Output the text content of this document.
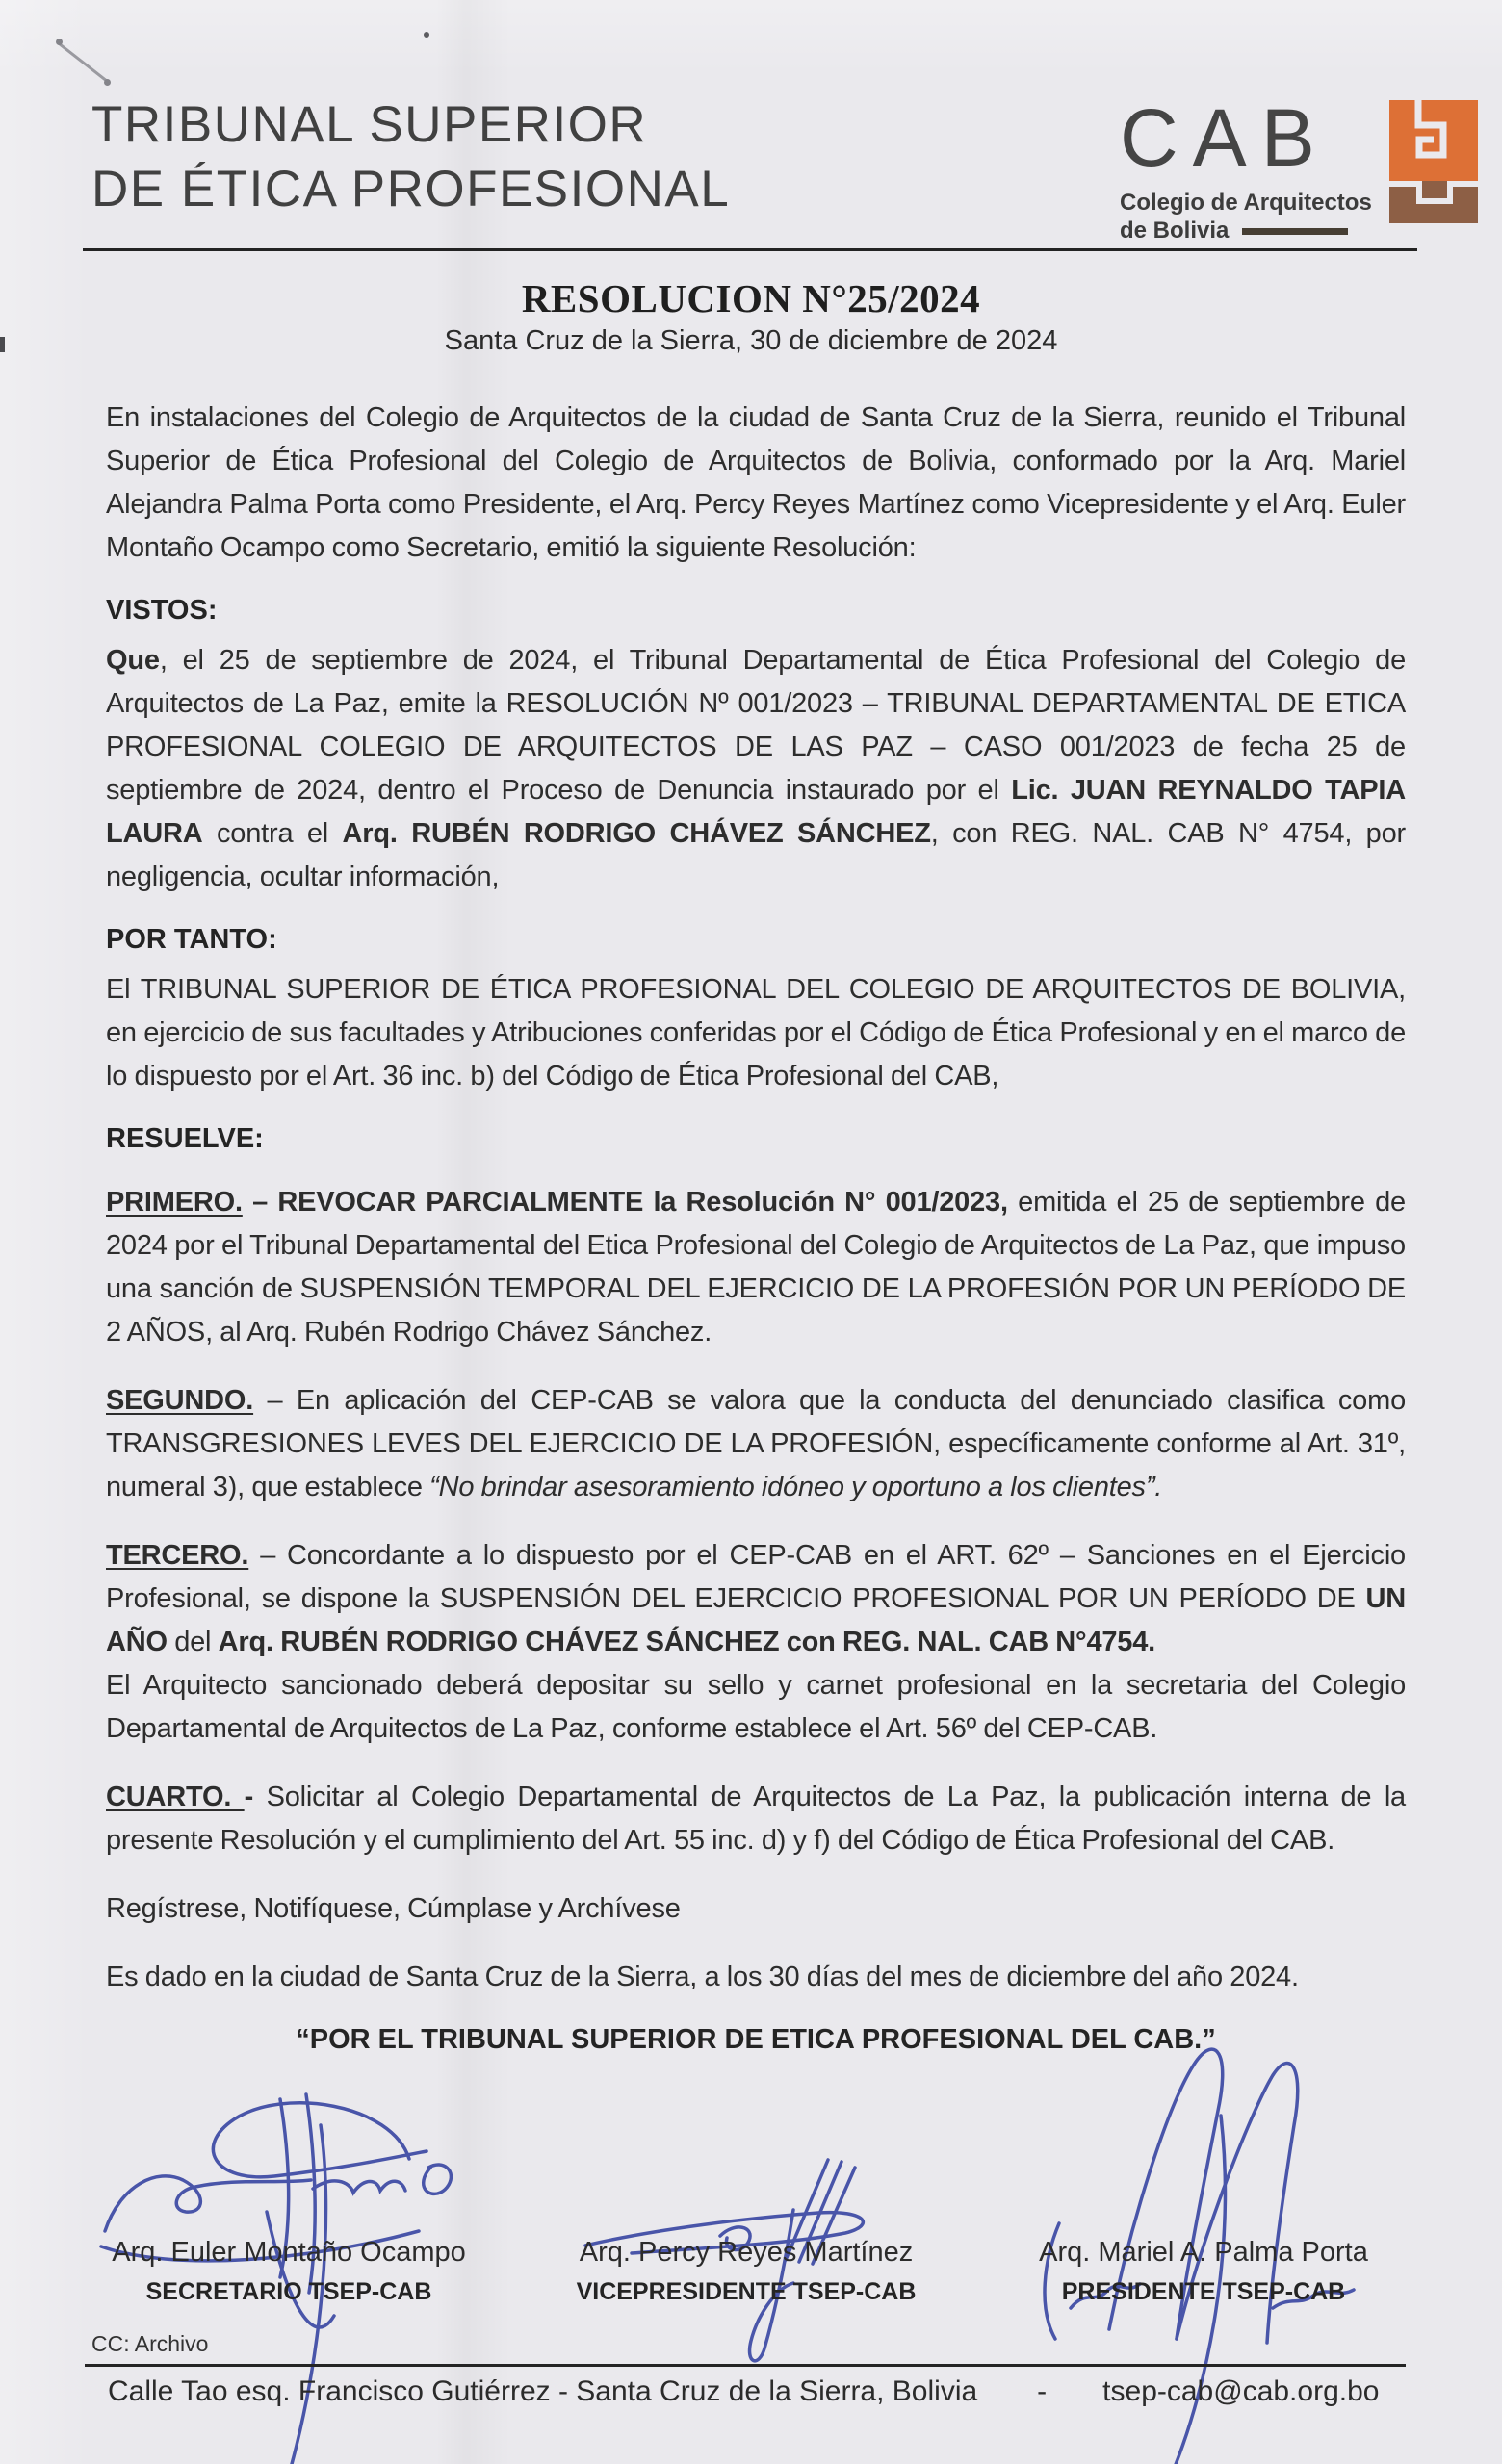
TRIBUNAL SUPERIOR
DE ÉTICA PROFESIONAL
CAB
Colegio de Arquitectos
de Bolivia
RESOLUCION N°25/2024
Santa Cruz de la Sierra, 30 de diciembre de 2024

En instalaciones del Colegio de Arquitectos de la ciudad de Santa Cruz de la Sierra, reunido el Tribunal Superior de Ética Profesional del Colegio de Arquitectos de Bolivia, conformado por la Arq. Mariel Alejandra Palma Porta como Presidente, el Arq. Percy Reyes Martínez como Vicepresidente y el Arq. Euler Montaño Ocampo como Secretario, emitió la siguiente Resolución:

VISTOS:

Que, el 25 de septiembre de 2024, el Tribunal Departamental de Ética Profesional del Colegio de Arquitectos de La Paz, emite la RESOLUCIÓN Nº 001/2023 – TRIBUNAL DEPARTAMENTAL DE ETICA PROFESIONAL COLEGIO DE ARQUITECTOS DE LAS PAZ – CASO 001/2023 de fecha 25 de septiembre de 2024, dentro el Proceso de Denuncia instaurado por el Lic. JUAN REYNALDO TAPIA LAURA contra el Arq. RUBÉN RODRIGO CHÁVEZ SÁNCHEZ, con REG. NAL. CAB N° 4754, por negligencia, ocultar información,

POR TANTO:

El TRIBUNAL SUPERIOR DE ÉTICA PROFESIONAL DEL COLEGIO DE ARQUITECTOS DE BOLIVIA, en ejercicio de sus facultades y Atribuciones conferidas por el Código de Ética Profesional y en el marco de lo dispuesto por el Art. 36 inc. b) del Código de Ética Profesional del CAB,

RESUELVE:

PRIMERO. – REVOCAR PARCIALMENTE la Resolución N° 001/2023, emitida el 25 de septiembre de 2024 por el Tribunal Departamental del Etica Profesional del Colegio de Arquitectos de La Paz, que impuso una sanción de SUSPENSIÓN TEMPORAL DEL EJERCICIO DE LA PROFESIÓN POR UN PERÍODO DE 2 AÑOS, al Arq. Rubén Rodrigo Chávez Sánchez.

SEGUNDO. – En aplicación del CEP-CAB se valora que la conducta del denunciado clasifica como TRANSGRESIONES LEVES DEL EJERCICIO DE LA PROFESIÓN, específicamente conforme al Art. 31º, numeral 3), que establece “No brindar asesoramiento idóneo y oportuno a los clientes”.

TERCERO. – Concordante a lo dispuesto por el CEP-CAB en el ART. 62º – Sanciones en el Ejercicio Profesional, se dispone la SUSPENSIÓN DEL EJERCICIO PROFESIONAL POR UN PERÍODO DE UN AÑO del Arq. RUBÉN RODRIGO CHÁVEZ SÁNCHEZ con REG. NAL. CAB N°4754.

El Arquitecto sancionado deberá depositar su sello y carnet profesional en la secretaria del Colegio Departamental de Arquitectos de La Paz, conforme establece el Art. 56º del CEP-CAB.

CUARTO. - Solicitar al Colegio Departamental de Arquitectos de La Paz, la publicación interna de la presente Resolución y el cumplimiento del Art. 55 inc. d) y f) del Código de Ética Profesional del CAB.

Regístrese, Notifíquese, Cúmplase y Archívese

Es dado en la ciudad de Santa Cruz de la Sierra, a los 30 días del mes de diciembre del año 2024.

“POR EL TRIBUNAL SUPERIOR DE ETICA PROFESIONAL DEL CAB.”

Arq. Euler Montaño Ocampo
SECRETARIO TSEP-CAB
Arq. Percy Reyes Martínez
VICEPRESIDENTE TSEP-CAB
Arq. Mariel A. Palma Porta
PRESIDENTE TSEP-CAB
CC: Archivo
Calle Tao esq. Francisco Gutiérrez - Santa Cruz de la Sierra, Bolivia - tsep-cab@cab.org.bo
